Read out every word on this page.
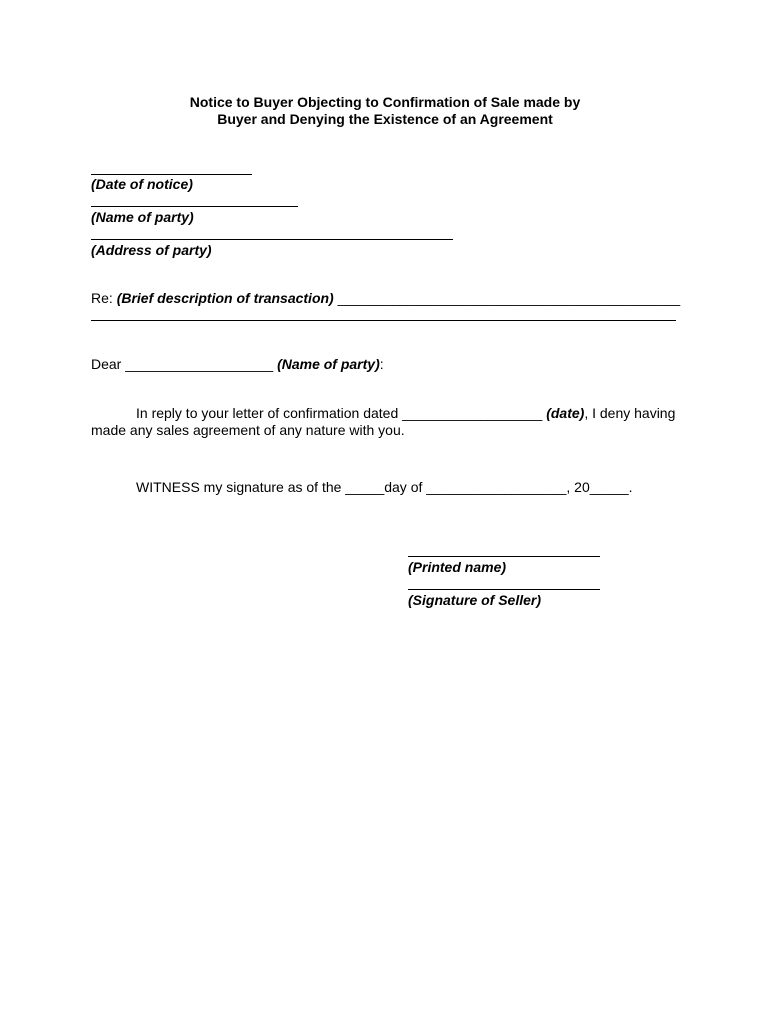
Notice to Buyer Objecting to Confirmation of Sale made by
Buyer and Denying the Existence of an Agreement
(Date of notice)
(Name of party)
(Address of party)
Re: (Brief description of transaction) ____________________________________________
Dear ___________________ (Name of party):
In reply to your letter of confirmation dated __________________ (date), I deny having
made any sales agreement of any nature with you.
WITNESS my signature as of the _____day of __________________, 20_____.
(Printed name)
(Signature of Seller)
